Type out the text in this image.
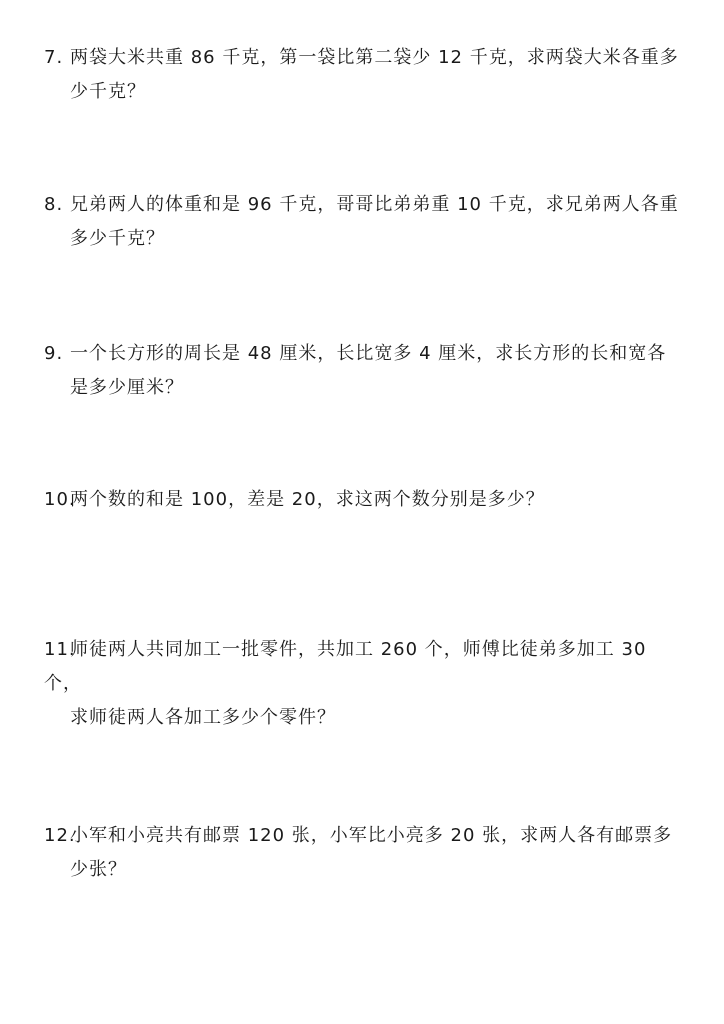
7. 两袋大米共重 86 千克，第一袋比第二袋少 12 千克，求两袋大米各重多
少千克？
8. 兄弟两人的体重和是 96 千克，哥哥比弟弟重 10 千克，求兄弟两人各重
多少千克？
9. 一个长方形的周长是 48 厘米，长比宽多 4 厘米，求长方形的长和宽各
是多少厘米？
10.两个数的和是 100，差是 20，求这两个数分别是多少？
11.师徒两人共同加工一批零件，共加工 260 个，师傅比徒弟多加工 30 个，
求师徒两人各加工多少个零件？
12.小军和小亮共有邮票 120 张，小军比小亮多 20 张，求两人各有邮票多
少张？
